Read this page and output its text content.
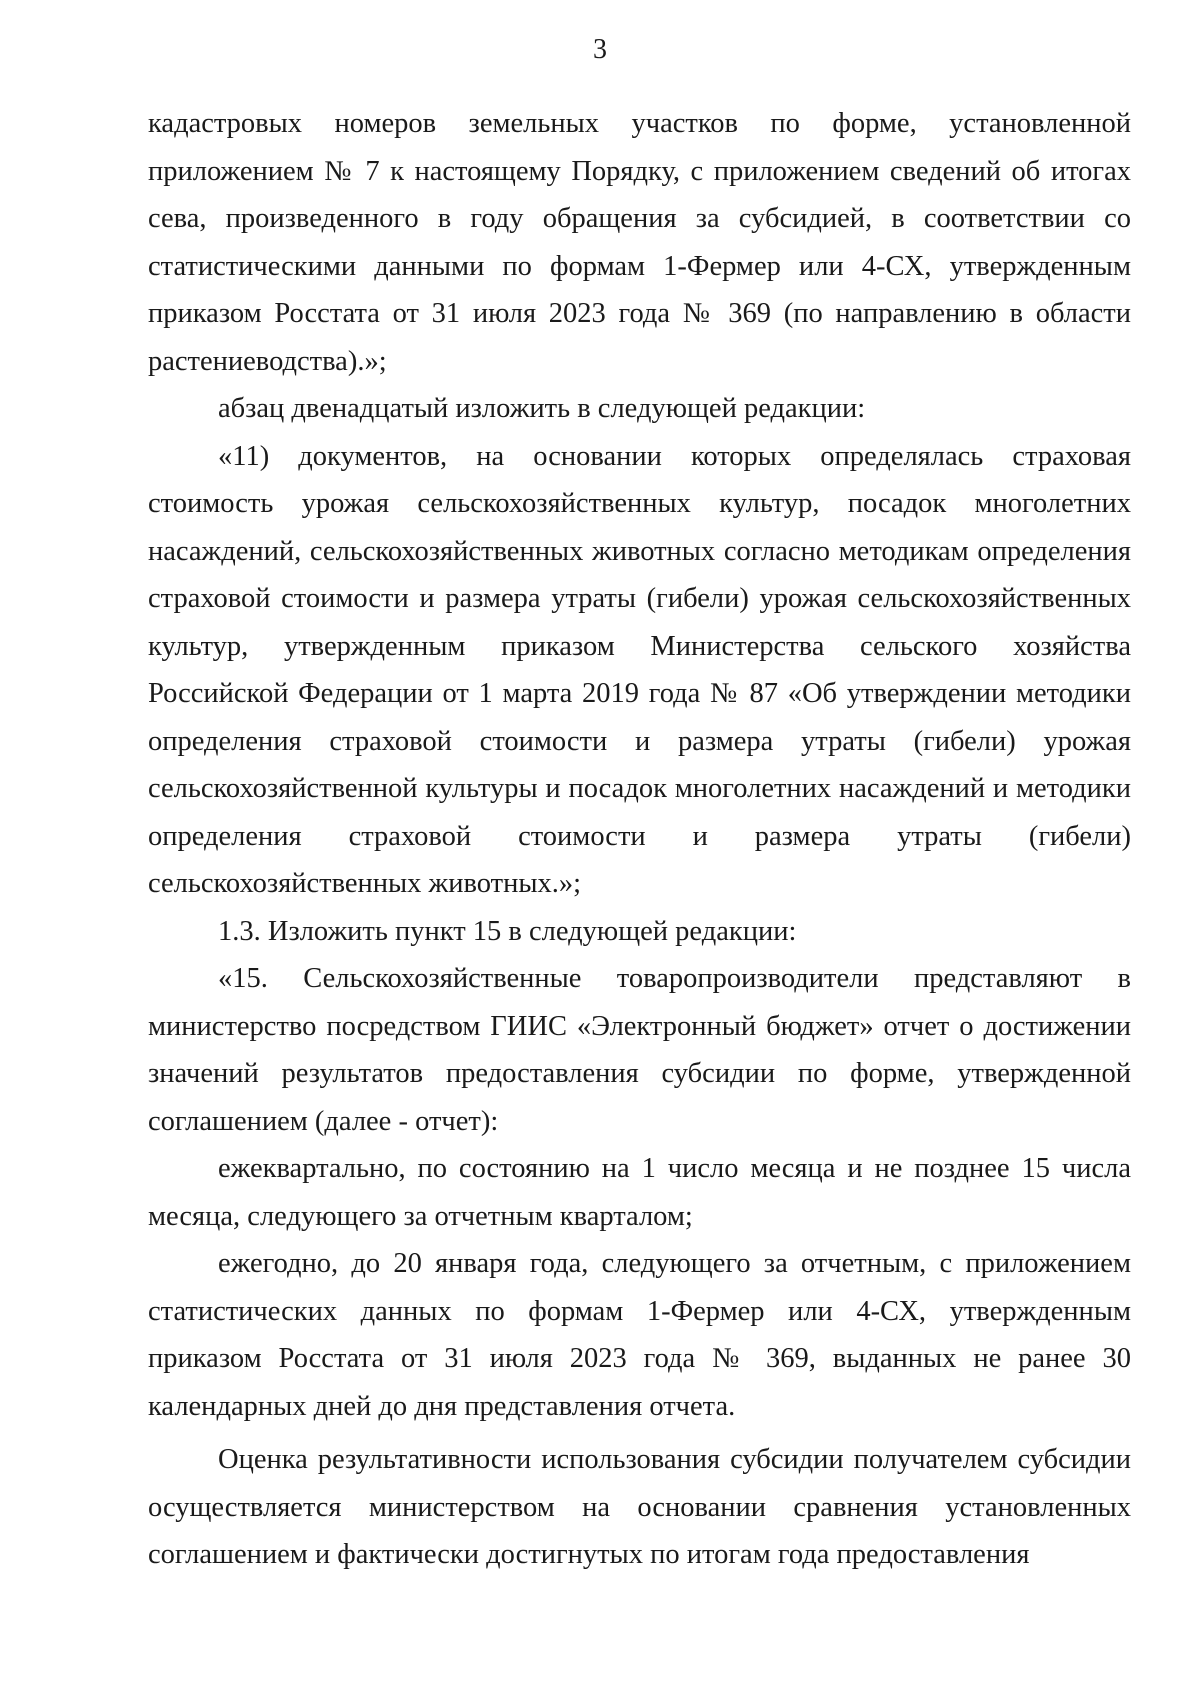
3

кадастровых номеров земельных участков по форме, установленной приложением № 7 к настоящему Порядку, с приложением сведений об итогах сева, произведенного в году обращения за субсидией, в соответствии со статистическими данными по формам 1-Фермер или 4-СХ, утвержденным приказом Росстата от 31 июля 2023 года № 369 (по направлению в области растениеводства).»;

абзац двенадцатый изложить в следующей редакции:

«11) документов, на основании которых определялась страховая стоимость урожая сельскохозяйственных культур, посадок многолетних насаждений, сельскохозяйственных животных согласно методикам определения страховой стоимости и размера утраты (гибели) урожая сельскохозяйственных культур, утвержденным приказом Министерства сельского хозяйства Российской Федерации от 1 марта 2019 года № 87 «Об утверждении методики определения страховой стоимости и размера утраты (гибели) урожая сельскохозяйственной культуры и посадок многолетних насаждений и методики определения страховой стоимости и размера утраты (гибели) сельскохозяйственных животных.»;

1.3. Изложить пункт 15 в следующей редакции:

«15. Сельскохозяйственные товаропроизводители представляют в министерство посредством ГИИС «Электронный бюджет» отчет о достижении значений результатов предоставления субсидии по форме, утвержденной соглашением (далее - отчет):

ежеквартально, по состоянию на 1 число месяца и не позднее 15 числа месяца, следующего за отчетным кварталом;

ежегодно, до 20 января года, следующего за отчетным, с приложением статистических данных по формам 1-Фермер или 4-СХ, утвержденным приказом Росстата от 31 июля 2023 года № 369, выданных не ранее 30 календарных дней до дня представления отчета.

Оценка результативности использования субсидии получателем субсидии осуществляется министерством на основании сравнения установленных соглашением и фактически достигнутых по итогам года предоставления
